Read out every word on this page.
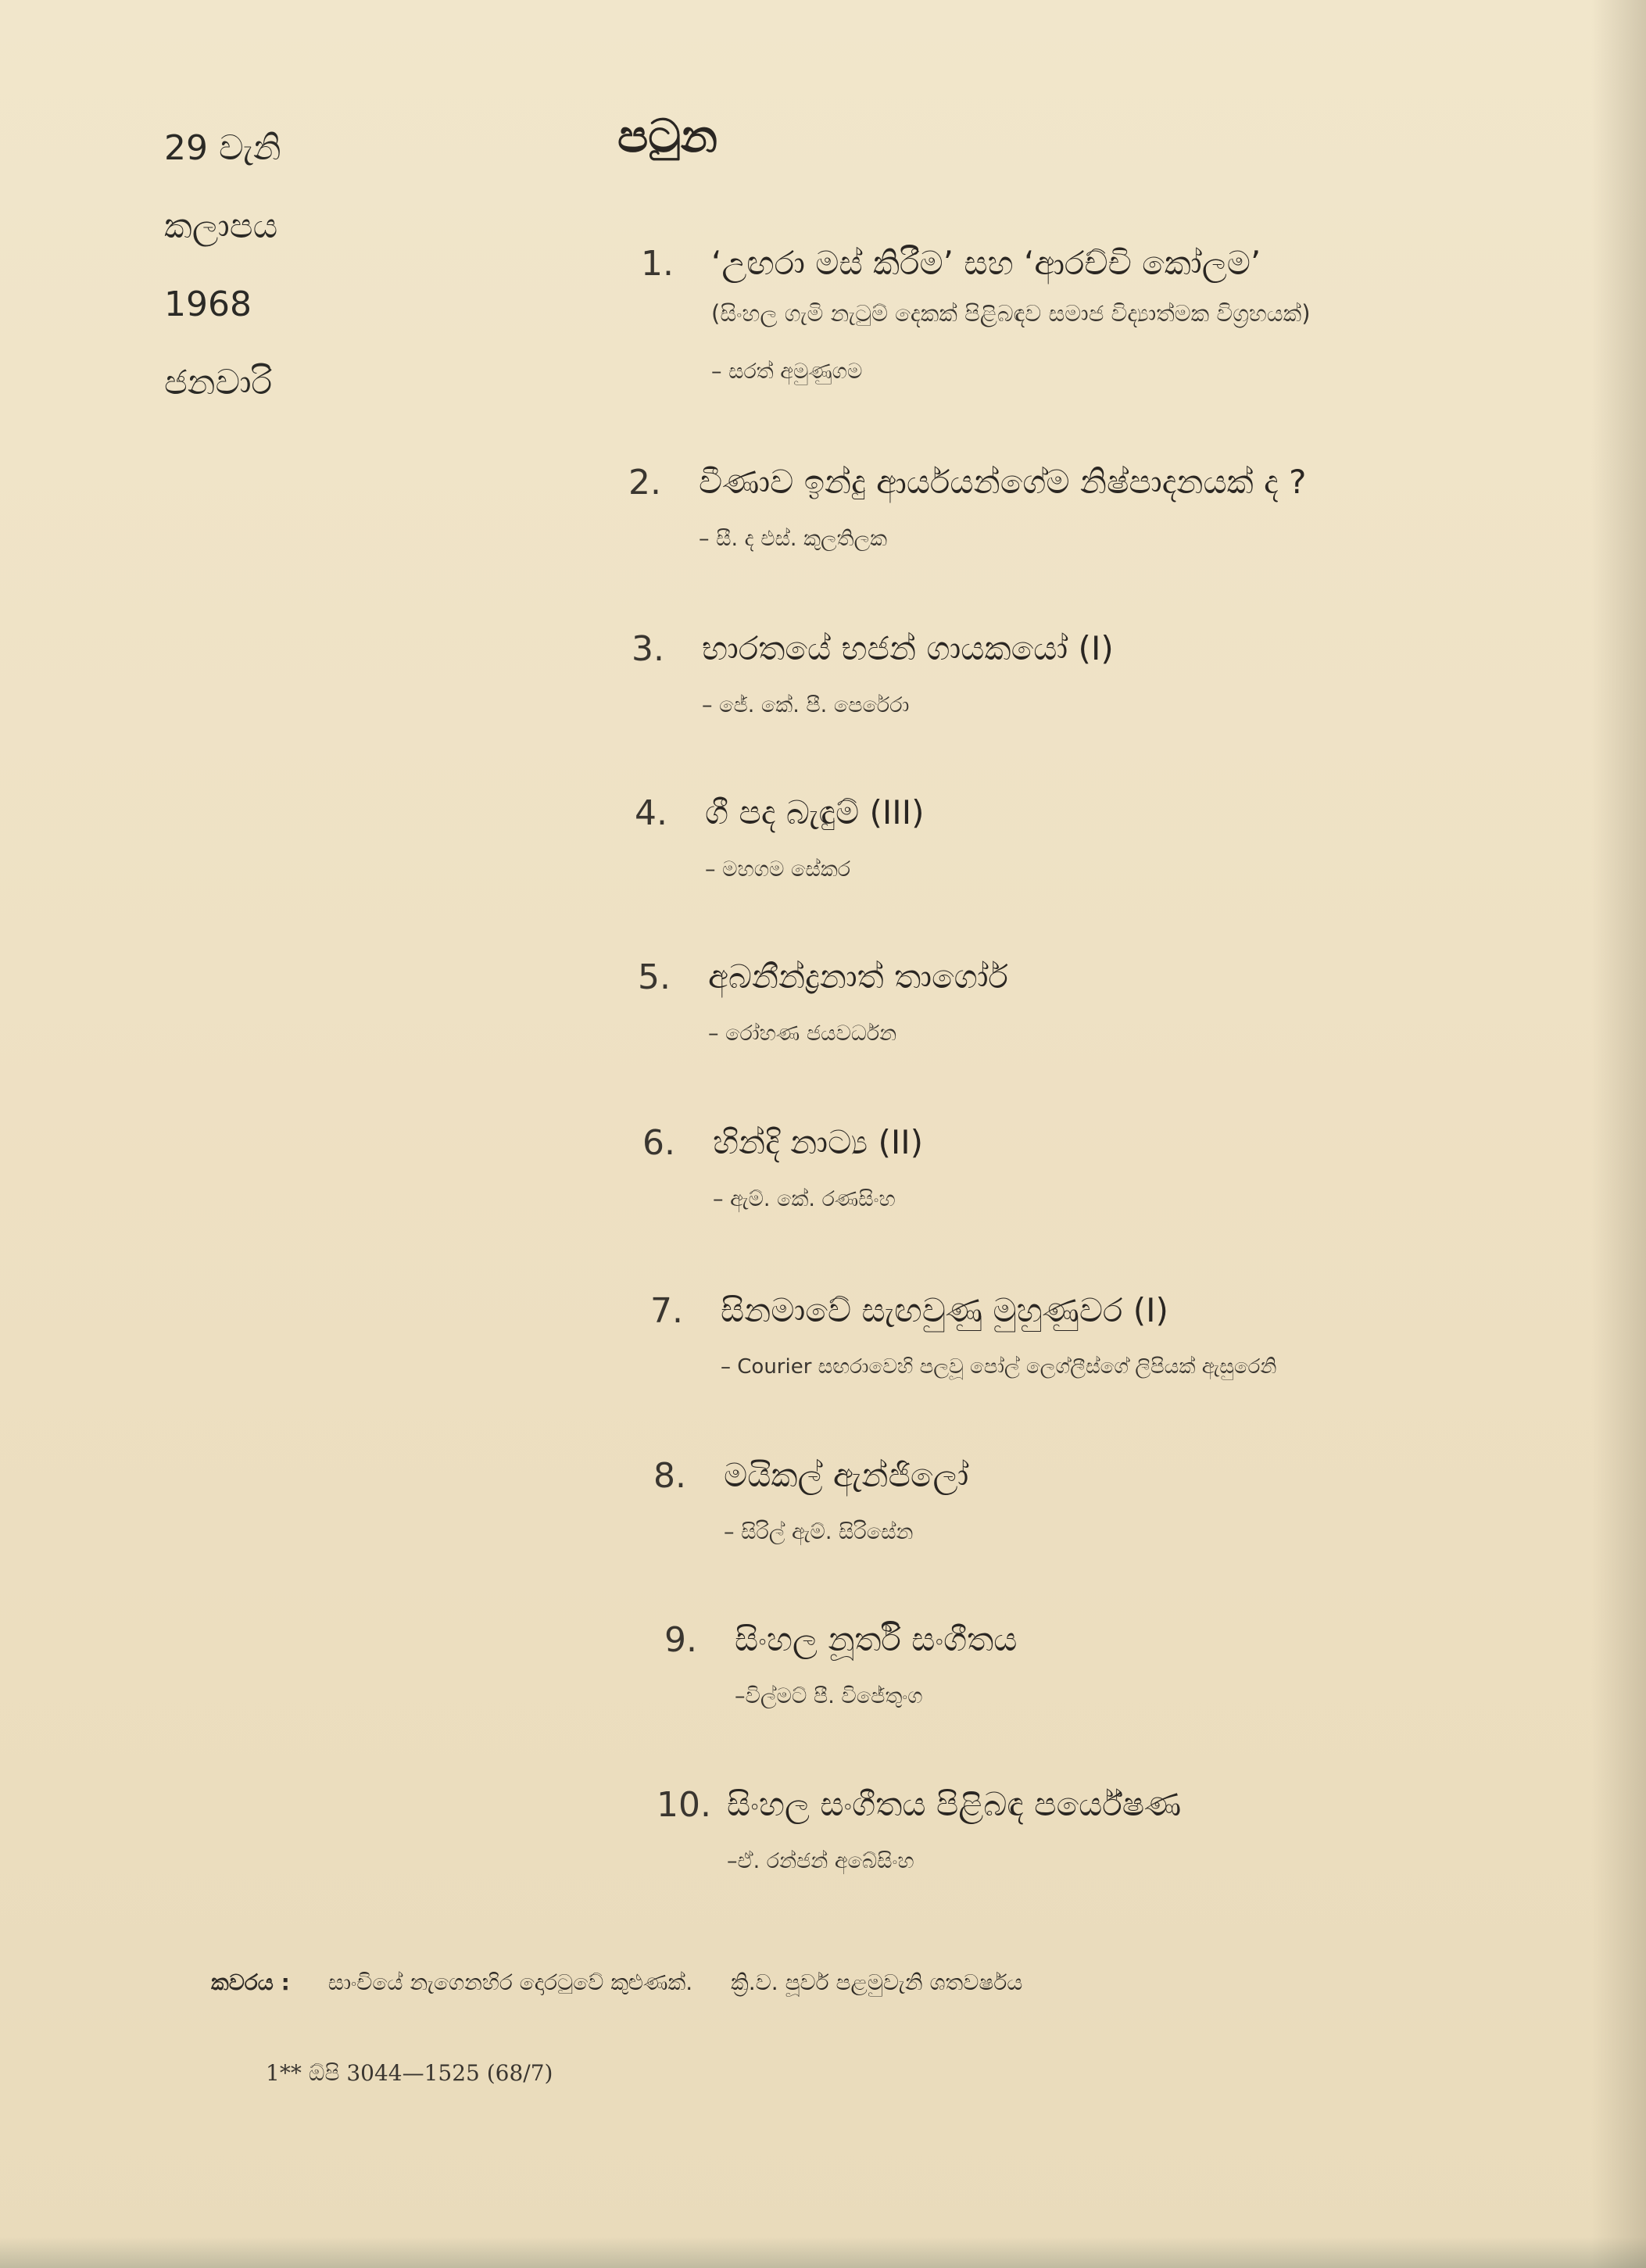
29 වැනි
කලාපය
1968
ජනවාරි
පටුන
1. ‘උඟරා මස් කිරීම’ සහ ‘ආරච්චි කෝලම’
(සිංහල ගැමි නැටුම් දෙකක් පිළිබඳව සමාජ විද්‍යාත්මක විග්‍රහයක්)
– සරත් අමුණුගම
2. වීණාව ඉන්දු ආර්යයන්ගේම නිෂ්පාදනයක් ද ?
– සී. ද එස්. කුලතිලක
3. භාරතයේ භජන් ගායකයෝ (I)
– ජේ. කේ. පී. පෙරේරා
4. ගී පද බැඳුම් (III)
– මහගම සේකර
5. අබනීන්ද්‍රනාත් තාගෝර්
– රෝහණ ජයවර්ධන
6. හින්දි නාට්‍ය (II)
– ඇම්. කේ. රණසිංහ
7. සිනමාවේ සැඟවුණු මුහුණුවර (I)
– Courier සඟරාවෙහි පලවූ පෝල් ලෙග්ලීස්ගේ ලිපියක් ඇසුරෙනි
8. මයිකල් ඇන්ජිලෝ
– සිරිල් ඇම්. සිරිසේන
9. සිංහල නූර්ති සංගීතය
–විල්මට් පී. විජේතුංග
10. සිංහල සංගීතය පිළිබඳ පර්යේෂණ
–ඒ. රන්ජන් අබේසිංහ
කවරය : සාංචියේ නැගෙනහිර දොරටුවේ කුළුණක්. ක්‍රි.ව. පූර්ව පළමුවැනි ශතවර්ෂය
1** ඕපි 3044—1525 (68/7)
